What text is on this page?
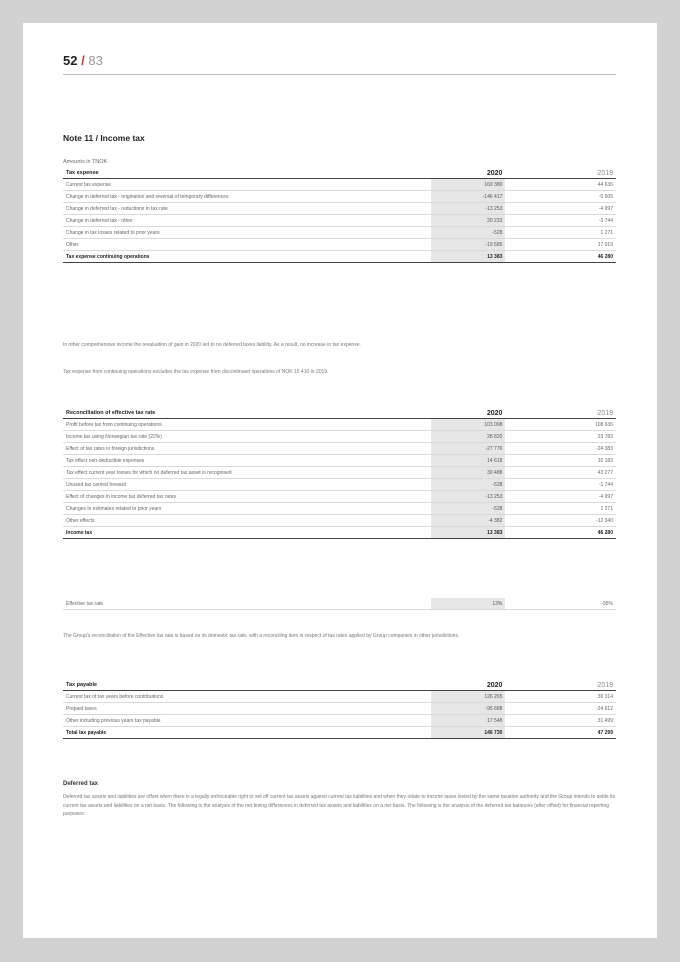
52 / 83
Note 11 / Income tax
Amounts in TNOK
Tax expense	2020		2019
Current tax expense	169 380		44 636
Change in deferred tax - origination and reversal of temporary differences	-146 417		-5 605
Change in deferred tax - reductions in tax rate	-13 253		-4 997
Change in deferred tax - other	20 233		-3 744
Change in tax losses related to prior years	-528		1 271
Other	-19 585		17 019
Tax expense continuing operations	13 383		46 280

In other comprehensive income the revaluation of gain in 2020 led to no deferred taxes liability. As a result, no increase in tax expense.

Tax expense from continuing operations excludes the tax expense from discontinued operations of NOK 15 410 in 2019.

Reconciliation of effective tax rate	2020		2019
Profit before tax from continuing operations	103 098		108 636
Income tax using Norwegian tax rate (22%)	28 820		23 783
Effect of tax rates in foreign jurisdictions	-27 776		-24 383
Tax effect non-deductible expenses	14 618		10 183
Tax effect current year losses for which no deferred tax asset is recognised	30 488		43 277
Unused tax carried forward	-528		-1 744
Effect of changes in income tax deferred tax rates	-13 253		-4 997
Changes in estimates related to prior years	-528		1 271
Other effects	-4 382		-12 340
Income tax	13 383		46 280
Effective tax rate	13%		-95%

The Group's reconciliation of the Effective tax rate is based on its domestic tax rate, with a reconciling item in respect of tax rates applied by Group companies in other jurisdictions.

Tax payable	2020		2019
Current tax of tax years before contributions	126 265		39 314
Prepaid taxes	-95 688		-24 612
Other including previous years tax payable	17 548		31 499
Total tax payable	146 730		47 299
Deferred tax

Deferred tax assets and liabilities are offset when there is a legally enforceable right to set off current tax assets against current tax liabilities and when they relate to income taxes levied by the same taxation authority and the Group intends to settle its current tax assets and liabilities on a net basis. The following is the analysis of the net timing differences in deferred tax assets and liabilities on a net basis. The following is the analysis of the deferred tax balances (after offset) for financial reporting purposes:
